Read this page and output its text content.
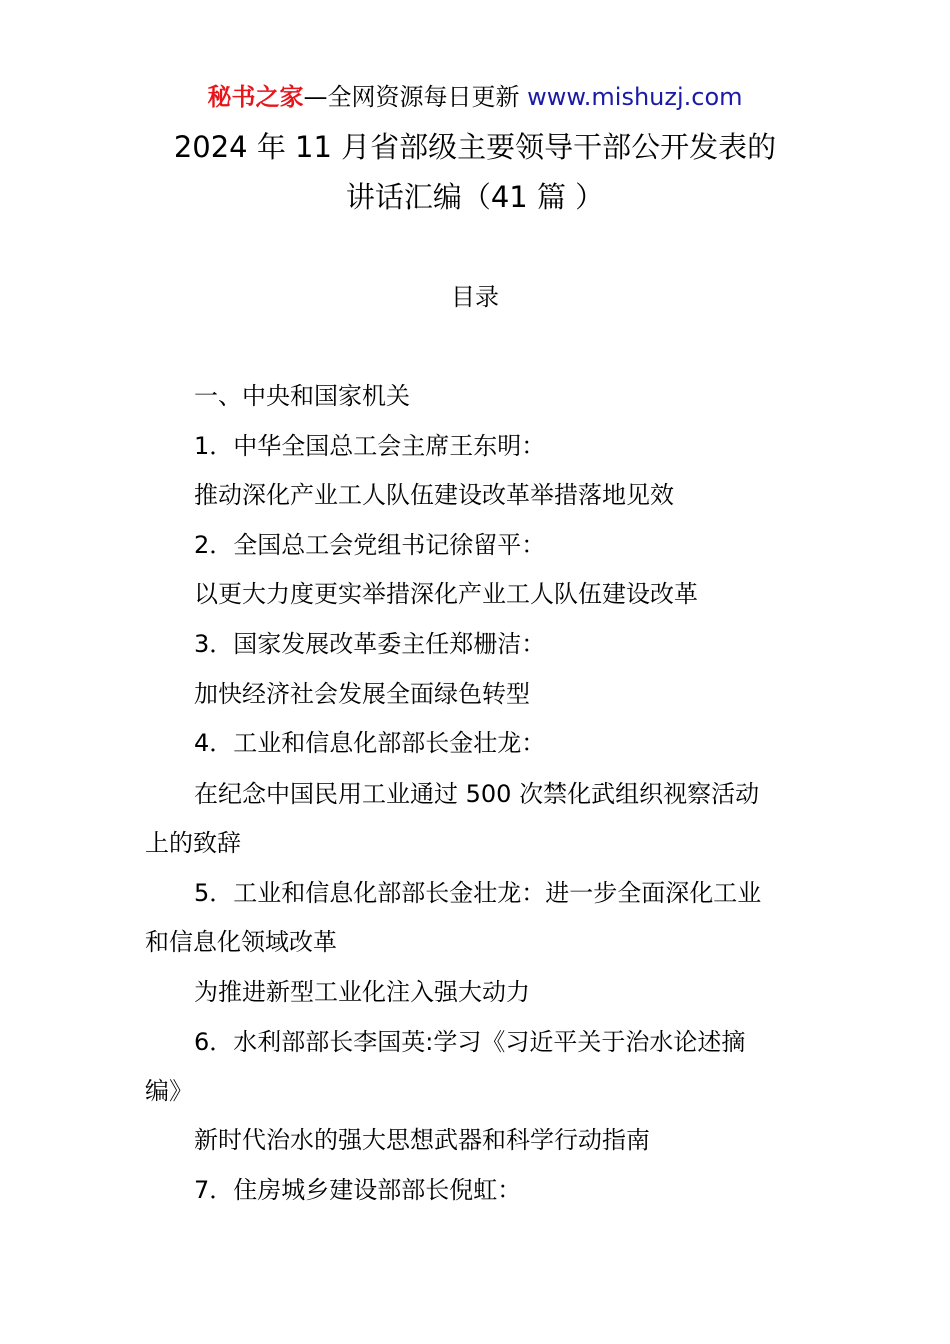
秘书之家—全网资源每日更新 www.mishuzj.com
2024 年 11 月省部级主要领导干部公开发表的
讲话汇编（41 篇 ）
目录
一、中央和国家机关
1．中华全国总工会主席王东明：
推动深化产业工人队伍建设改革举措落地见效
2．全国总工会党组书记徐留平：
以更大力度更实举措深化产业工人队伍建设改革
3．国家发展改革委主任郑栅洁：
加快经济社会发展全面绿色转型
4．工业和信息化部部长金壮龙：
在纪念中国民用工业通过 500 次禁化武组织视察活动
上的致辞
5．工业和信息化部部长金壮龙：进一步全面深化工业
和信息化领域改革
为推进新型工业化注入强大动力
6．水利部部长李国英:学习《习近平关于治水论述摘
编》
新时代治水的强大思想武器和科学行动指南
7．住房城乡建设部部长倪虹：
